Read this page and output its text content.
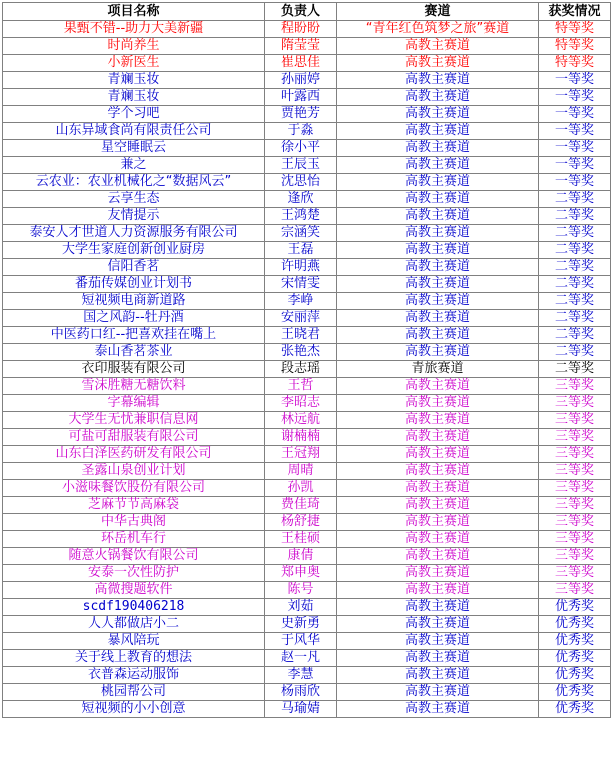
项目名称	负责人	赛道	获奖情况
果甄不错--助力大美新疆	程盼盼	“青年红色筑梦之旅”赛道	特等奖
时尚养生	隋莹莹	高教主赛道	特等奖
小新医生	崔思佳	高教主赛道	特等奖
青斓玉妆	孙丽婷	高教主赛道	一等奖
青斓玉妆	叶露西	高教主赛道	一等奖
学个习吧	贾艳芳	高教主赛道	一等奖
山东异域食尚有限责任公司	于淼	高教主赛道	一等奖
星空睡眠云	徐小平	高教主赛道	一等奖
兼之	王辰玉	高教主赛道	一等奖
云农业：农业机械化之“数据风云”	沈思怡	高教主赛道	一等奖
云享生态	逢欣	高教主赛道	二等奖
友情提示	王鸿楚	高教主赛道	二等奖
泰安人才世道人力资源服务有限公司	宗涵笑	高教主赛道	二等奖
大学生家庭创新创业厨房	王磊	高教主赛道	二等奖
信阳香茗	许明燕	高教主赛道	二等奖
番茄传媒创业计划书	宋情雯	高教主赛道	二等奖
短视频电商新道路	李峥	高教主赛道	二等奖
国之风韵--牡丹酒	安丽萍	高教主赛道	二等奖
中医药口红--把喜欢挂在嘴上	王晓君	高教主赛道	二等奖
泰山香茗茶业	张艳杰	高教主赛道	二等奖
衣印服装有限公司	段志瑶	青旅赛道	二等奖
雪沫胜糖无糖饮料	王哲	高教主赛道	三等奖
字幕编辑	李昭志	高教主赛道	三等奖
大学生无忧兼职信息网	林远航	高教主赛道	三等奖
可盐可甜服装有限公司	谢楠楠	高教主赛道	三等奖
山东白泽医药研发有限公司	王冠翔	高教主赛道	三等奖
圣露山泉创业计划	周晴	高教主赛道	三等奖
小滋味餐饮股份有限公司	孙凯	高教主赛道	三等奖
芝麻节节高麻袋	费佳琦	高教主赛道	三等奖
中华古典阁	杨舒捷	高教主赛道	三等奖
环岳机车行	王桂硕	高教主赛道	三等奖
随意火锅餐饮有限公司	康倩	高教主赛道	三等奖
安泰一次性防护	郑申奥	高教主赛道	三等奖
高微搜题软件	陈号	高教主赛道	三等奖
scdf190406218	刘茹	高教主赛道	优秀奖
人人都做店小二	史新勇	高教主赛道	优秀奖
暴风陪玩	于风华	高教主赛道	优秀奖
关于线上教育的想法	赵一凡	高教主赛道	优秀奖
衣普森运动服饰	李慧	高教主赛道	优秀奖
桃园帮公司	杨雨欣	高教主赛道	优秀奖
短视频的小小创意	马瑜婧	高教主赛道	优秀奖
